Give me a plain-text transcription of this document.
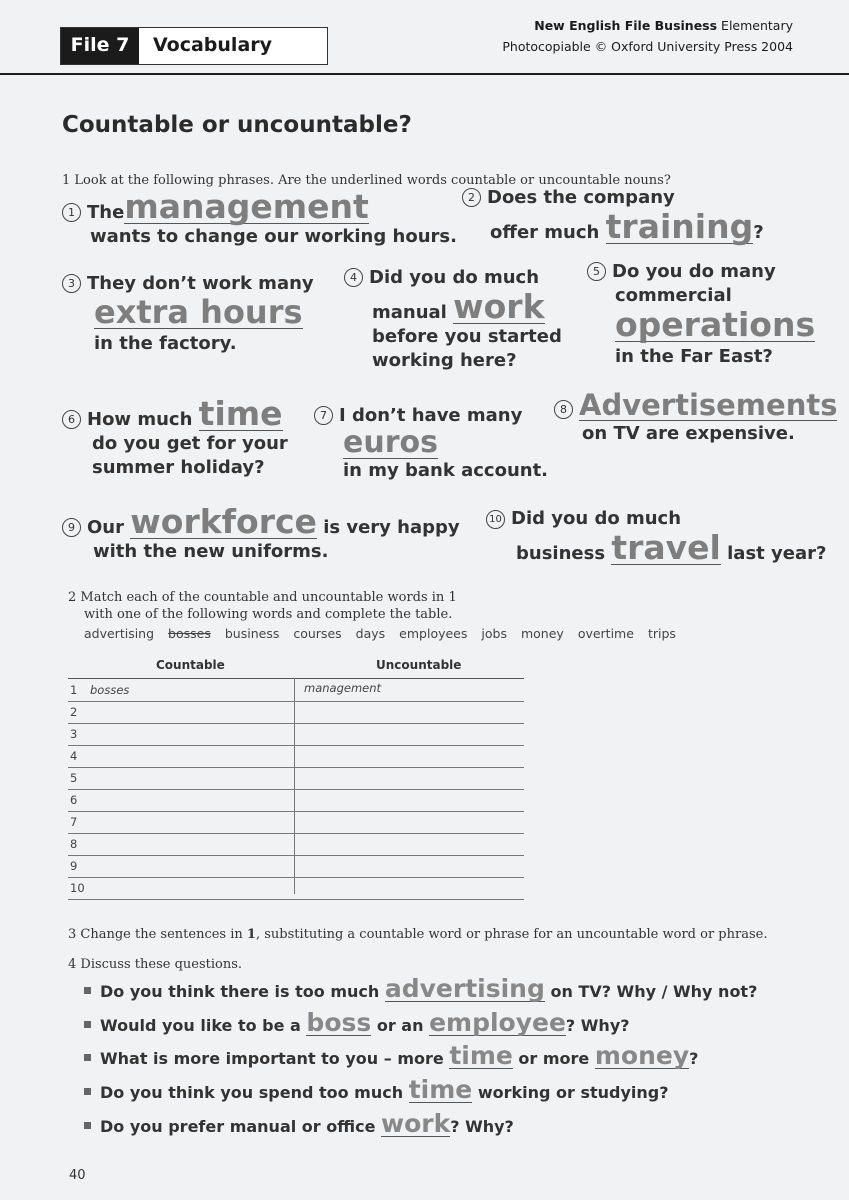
File 7	Vocabulary
New English File Business Elementary
Photocopiable © Oxford University Press 2004
Countable or uncountable?
1 Look at the following phrases. Are the underlined words countable or uncountable nouns?
1 Themanagement
wants to change our working hours.
2 Does the company
offer much training?
3 They don’t work many
extra hours
in the factory.
4 Did you do much
manual work
before you started
working here?
5 Do you do many
commercial
operations
in the Far East?
6 How much time
do you get for your
summer holiday?
7 I don’t have many
euros
in my bank account.
8 Advertisements
on TV are expensive.
9 Our workforce is very happy
with the new uniforms.
10 Did you do much
business travel last year?
2 Match each of the countable and uncountable words in 1
with one of the following words and complete the table.
advertising bosses business courses days employees jobs money overtime trips
Countable	Uncountable
1 bosses	management
2
3
4
5
6
7
8
9
10
3 Change the sentences in 1, substituting a countable word or phrase for an uncountable word or phrase.
4 Discuss these questions.
Do you think there is too much advertising on TV? Why / Why not?
Would you like to be a boss or an employee? Why?
What is more important to you – more time or more money?
Do you think you spend too much time working or studying?
Do you prefer manual or office work? Why?
40
